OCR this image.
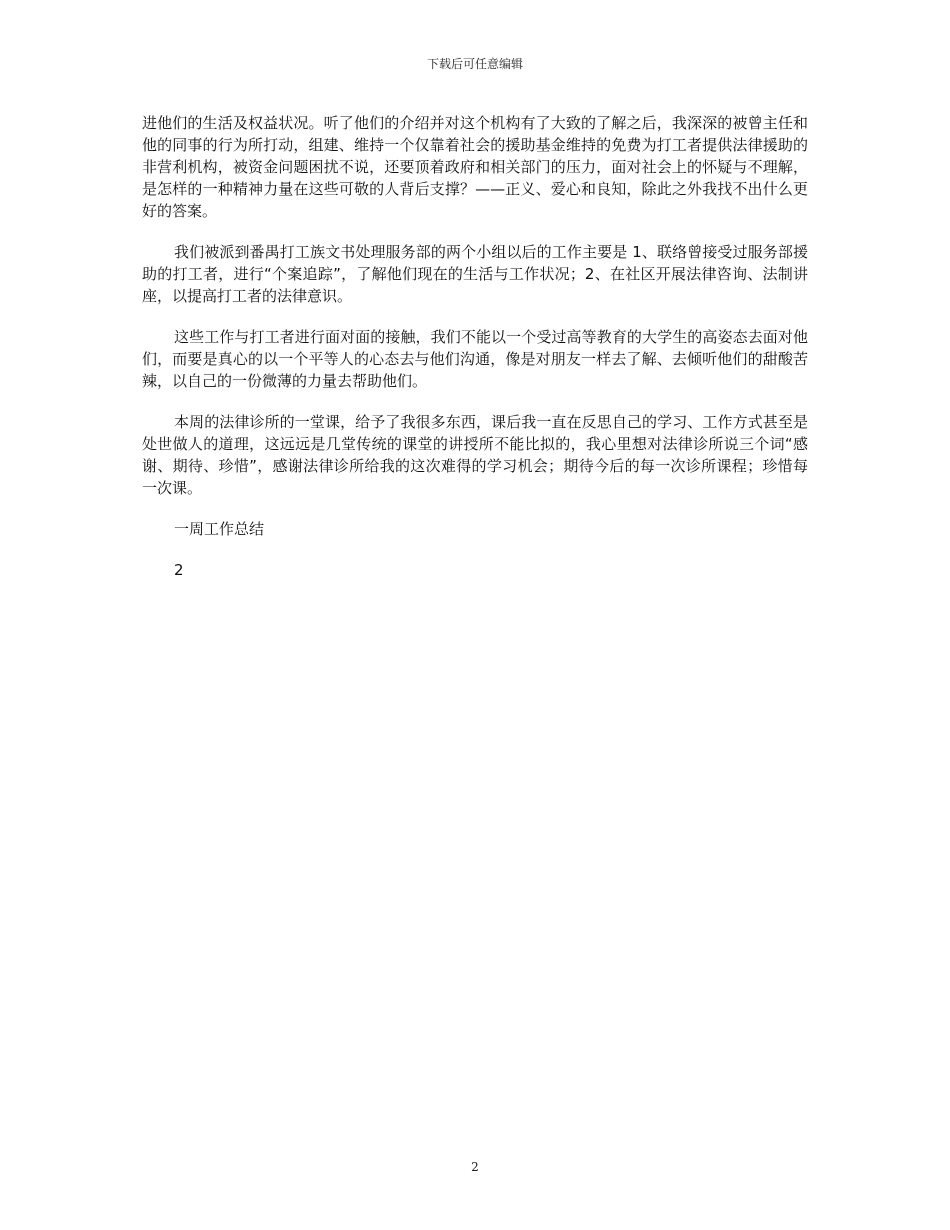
下载后可任意编辑

进他们的生活及权益状况。听了他们的介绍并对这个机构有了大致的了解之后，我深深的被曾主任和他的同事的行为所打动，组建、维持一个仅靠着社会的援助基金维持的免费为打工者提供法律援助的非营利机构，被资金问题困扰不说，还要顶着政府和相关部门的压力，面对社会上的怀疑与不理解，是怎样的一种精神力量在这些可敬的人背后支撑？——正义、爱心和良知，除此之外我找不出什么更好的答案。

我们被派到番禺打工族文书处理服务部的两个小组以后的工作主要是 1、联络曾接受过服务部援助的打工者，进行“个案追踪”，了解他们现在的生活与工作状况；2、在社区开展法律咨询、法制讲座，以提高打工者的法律意识。

这些工作与打工者进行面对面的接触，我们不能以一个受过高等教育的大学生的高姿态去面对他们，而要是真心的以一个平等人的心态去与他们沟通，像是对朋友一样去了解、去倾听他们的甜酸苦辣，以自己的一份微薄的力量去帮助他们。

本周的法律诊所的一堂课，给予了我很多东西，课后我一直在反思自己的学习、工作方式甚至是处世做人的道理，这远远是几堂传统的课堂的讲授所不能比拟的，我心里想对法律诊所说三个词“感谢、期待、珍惜”，感谢法律诊所给我的这次难得的学习机会；期待今后的每一次诊所课程；珍惜每一次课。

一周工作总结

2

2
